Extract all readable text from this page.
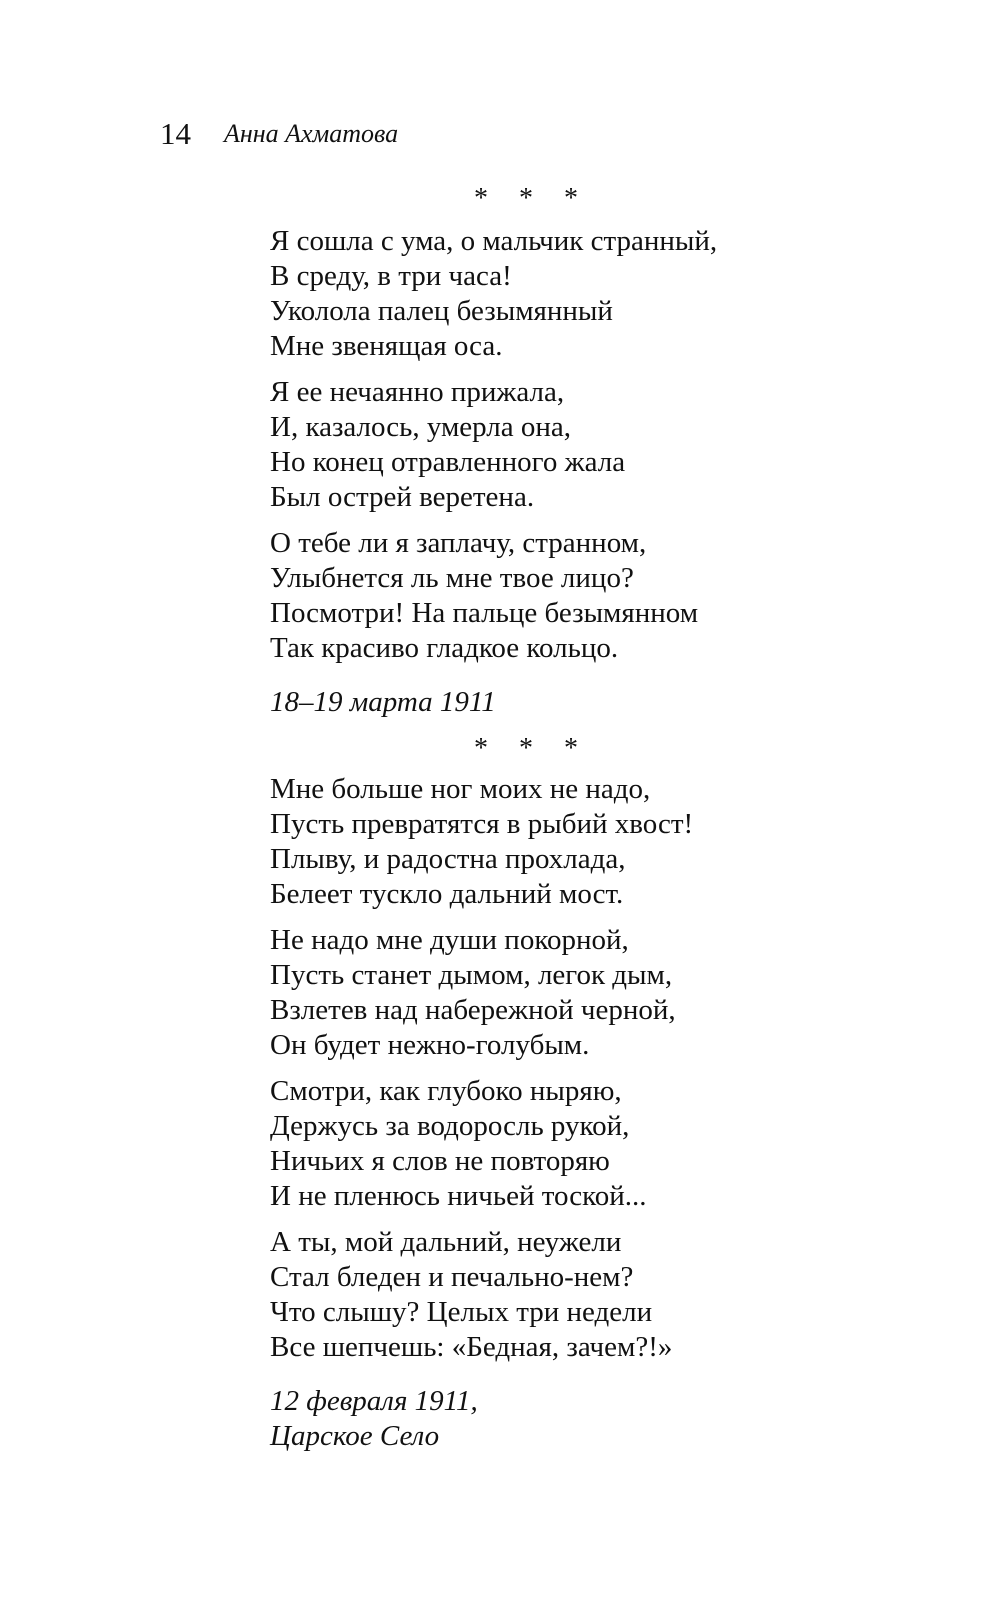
14 Анна Ахматова
* * *
Я сошла с ума, о мальчик странный,
В среду, в три часа!
Уколола палец безымянный
Мне звенящая оса.
Я ее нечаянно прижала,
И, казалось, умерла она,
Но конец отравленного жала
Был острей веретена.
О тебе ли я заплачу, странном,
Улыбнется ль мне твое лицо?
Посмотри! На пальце безымянном
Так красиво гладкое кольцо.
18–19 марта 1911
* * *
Мне больше ног моих не надо,
Пусть превратятся в рыбий хвост!
Плыву, и радостна прохлада,
Белеет тускло дальний мост.
Не надо мне души покорной,
Пусть станет дымом, легок дым,
Взлетев над набережной черной,
Он будет нежно-голубым.
Смотри, как глубоко ныряю,
Держусь за водоросль рукой,
Ничьих я слов не повторяю
И не пленюсь ничьей тоской...
А ты, мой дальний, неужели
Стал бледен и печально-нем?
Что слышу? Целых три недели
Все шепчешь: «Бедная, зачем?!»
12 февраля 1911,
Царское Село
